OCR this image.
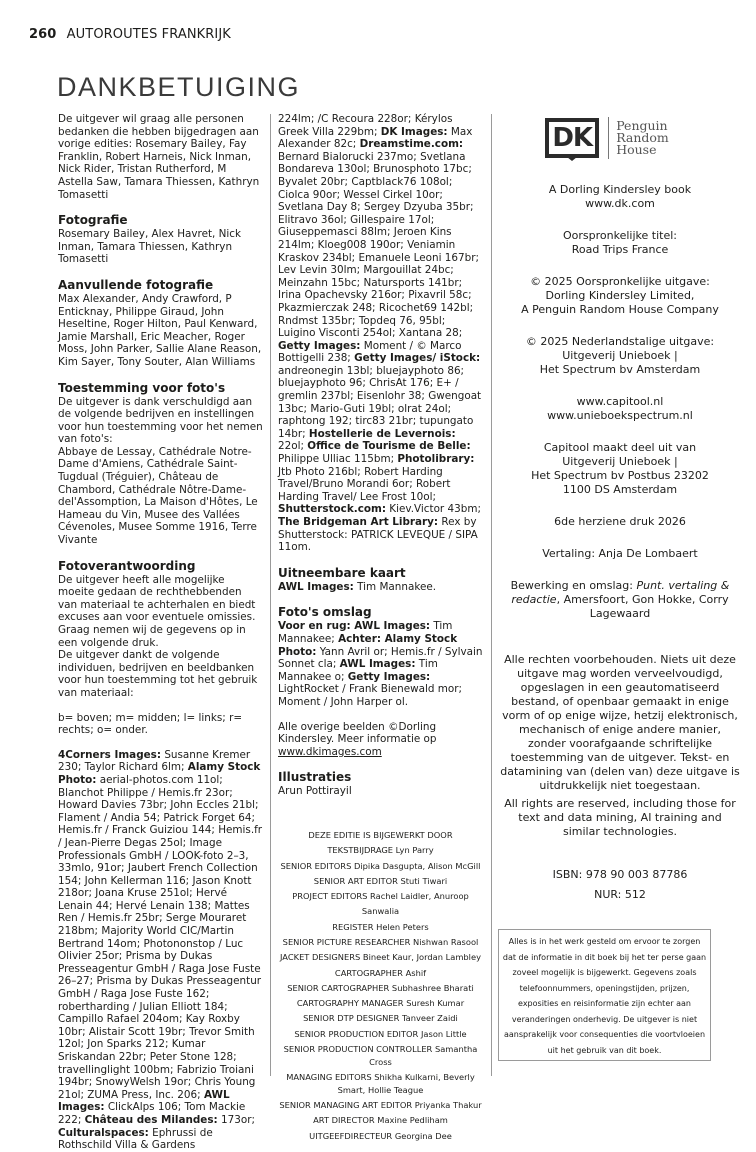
260 AUTOROUTES FRANKRIJK
DANKBETUIGING

De uitgever wil graag alle personen bedanken die hebben bijgedragen aan vorige edities: Rosemary Bailey, Fay Franklin, Robert Harneis, Nick Inman, Nick Rider, Tristan Rutherford, M Astella Saw, Tamara Thiessen, Kathryn Tomasetti

Fotografie

Rosemary Bailey, Alex Havret, Nick Inman, Tamara Thiessen, Kathryn Tomasetti

Aanvullende fotografie

Max Alexander, Andy Crawford, P Enticknay, Philippe Giraud, John Heseltine, Roger Hilton, Paul Kenward, Jamie Marshall, Eric Meacher, Roger Moss, John Parker, Sallie Alane Reason, Kim Sayer, Tony Souter, Alan Williams

Toestemming voor foto's

De uitgever is dank verschuldigd aan de volgende bedrijven en instellingen voor hun toestemming voor het nemen van foto's:

Abbaye de Lessay, Cathédrale Notre-Dame d'Amiens, Cathédrale Saint-Tugdual (Tréguier), Château de Chambord, Cathédrale Nôtre-Dame-del'Assomption, La Maison d'Hôtes, Le Hameau du Vin, Musee des Vallées Cévenoles, Musee Somme 1916, Terre Vivante

Fotoverantwoording

De uitgever heeft alle mogelijke moeite gedaan de rechthebbenden van materiaal te achterhalen en biedt excuses aan voor eventuele omissies. Graag nemen wij de gegevens op in een volgende druk.

De uitgever dankt de volgende individuen, bedrijven en beeldbanken voor hun toestemming tot het gebruik van materiaal:

b= boven; m= midden; l= links; r= rechts; o= onder.

4Corners Images: Susanne Kremer 230; Taylor Richard 6lm; Alamy Stock Photo: aerial-photos.com 11ol; Blanchot Philippe / Hemis.fr 23or; Howard Davies 73br; John Eccles 21bl; Flament / Andia 54; Patrick Forget 64; Hemis.fr / Franck Guiziou 144; Hemis.fr / Jean-Pierre Degas 25ol; Image Professionals GmbH / LOOK-foto 2–3, 33mlo, 91or; Jaubert French Collection 154; John Kellerman 116; Jason Knott 218or; Joana Kruse 251ol; Hervé Lenain 44; Hervé Lenain 138; Mattes Ren / Hemis.fr 25br; Serge Mouraret 218bm; Majority World CIC/Martin Bertrand 14om; Photononstop / Luc Olivier 25or; Prisma by Dukas Presseagentur GmbH / Raga Jose Fuste 26–27; Prisma by Dukas Presseagentur GmbH / Raga Jose Fuste 162; robertharding / Julian Elliott 184; Campillo Rafael 204om; Kay Roxby 10br; Alistair Scott 19br; Trevor Smith 12ol; Jon Sparks 212; Kumar Sriskandan 22br; Peter Stone 128; travellinglight 100bm; Fabrizio Troiani 194br; SnowyWelsh 19or; Chris Young 21ol; ZUMA Press, Inc. 206; AWL Images: ClickAlps 106; Tom Mackie 222; Château des Milandes: 173or; Culturalspaces: Ephrussi de Rothschild Villa & Gardens

224lm; /C Recoura 228or; Kérylos Greek Villa 229bm; DK Images: Max Alexander 82c; Dreamstime.com: Bernard Bialorucki 237mo; Svetlana Bondareva 130ol; Brunosphoto 17bc; Byvalet 20br; Captblack76 108ol; Ciolca 90or; Wessel Cirkel 10or; Svetlana Day 8; Sergey Dzyuba 35br; Elitravo 36ol; Gillespaire 17ol; Giuseppemasci 88lm; Jeroen Kins 214lm; Kloeg008 190or; Veniamin Kraskov 234bl; Emanuele Leoni 167br; Lev Levin 30lm; Margouillat 24bc; Meinzahn 15bc; Natursports 141br; Irina Opachevsky 216or; Pixavril 58c; Pkazmierczak 248; Ricochet69 142bl; Rndmst 135br; Topdeq 76, 95bl; Luigino Visconti 254ol; Xantana 28; Getty Images: Moment / © Marco Bottigelli 238; Getty Images/ iStock: andreonegin 13bl; bluejayphoto 86; bluejayphoto 96; ChrisAt 176; E+ / gremlin 237bl; Eisenlohr 38; Gwengoat 13bc; Mario-Guti 19bl; olrat 24ol; raphtong 192; tirc83 21br; tupungato 14br; Hostellerie de Levernois: 22ol; Office de Tourisme de Belle: Philippe Ulliac 115bm; Photolibrary: Jtb Photo 216bl; Robert Harding Travel/Bruno Morandi 6or; Robert Harding Travel/ Lee Frost 10ol; Shutterstock.com: Kiev.Victor 43bm; The Bridgeman Art Library: Rex by Shutterstock: PATRICK LEVEQUE / SIPA 11om.

Uitneembare kaart

AWL Images: Tim Mannakee.

Foto's omslag

Voor en rug: AWL Images: Tim Mannakee; Achter: Alamy Stock Photo: Yann Avril or; Hemis.fr / Sylvain Sonnet cla; AWL Images: Tim Mannakee o; Getty Images: LightRocket / Frank Bienewald mor; Moment / John Harper ol.

Alle overige beelden ©Dorling Kindersley. Meer informatie op www.dkimages.com

Illustraties

Arun Pottirayil

DEZE EDITIE IS BIJGEWERKT DOOR
TEKSTBIJDRAGE Lyn Parry
SENIOR EDITORS Dipika Dasgupta, Alison McGill
SENIOR ART EDITOR Stuti Tiwari
PROJECT EDITORS Rachel Laidler, Anuroop Sanwalia
REGISTER Helen Peters
SENIOR PICTURE RESEARCHER Nishwan Rasool
JACKET DESIGNERS Bineet Kaur, Jordan Lambley
CARTOGRAPHER Ashif
SENIOR CARTOGRAPHER Subhashree Bharati
CARTOGRAPHY MANAGER Suresh Kumar
SENIOR DTP DESIGNER Tanveer Zaidi
SENIOR PRODUCTION EDITOR Jason Little
SENIOR PRODUCTION CONTROLLER Samantha Cross
MANAGING EDITORS Shikha Kulkarni, Beverly Smart, Hollie Teague
SENIOR MANAGING ART EDITOR Priyanka Thakur
ART DIRECTOR Maxine Pedliham
UITGEEFDIRECTEUR Georgina Dee
DK	Penguin
Random
House
A Dorling Kindersley book
www.dk.com
Oorspronkelijke titel:
Road Trips France
© 2025 Oorspronkelijke uitgave:
Dorling Kindersley Limited,
A Penguin Random House Company
© 2025 Nederlandstalige uitgave:
Uitgeverij Unieboek |
Het Spectrum bv Amsterdam
www.capitool.nl
www.unieboekspectrum.nl
Capitool maakt deel uit van
Uitgeverij Unieboek |
Het Spectrum bv Postbus 23202
1100 DS Amsterdam
6de herziene druk 2026
Vertaling: Anja De Lombaert
Bewerking en omslag: Punt. vertaling & redactie, Amersfoort, Gon Hokke, Corry Lagewaard
Alle rechten voorbehouden. Niets uit deze uitgave mag worden verveelvoudigd, opgeslagen in een geautomatiseerd bestand, of openbaar gemaakt in enige vorm of op enige wijze, hetzij elektronisch, mechanisch of enige andere manier, zonder voorafgaande schriftelijke toestemming van de uitgever. Tekst- en datamining van (delen van) deze uitgave is uitdrukkelijk niet toegestaan.
All rights are reserved, including those for text and data mining, AI training and similar technologies.
ISBN: 978 90 003 87786
NUR: 512
Alles is in het werk gesteld om ervoor te zorgen dat de informatie in dit boek bij het ter perse gaan zoveel mogelijk is bijgewerkt. Gegevens zoals telefoonnummers, openingstijden, prijzen, exposities en reisinformatie zijn echter aan veranderingen onderhevig. De uitgever is niet aansprakelijk voor consequenties die voortvloeien uit het gebruik van dit boek.
